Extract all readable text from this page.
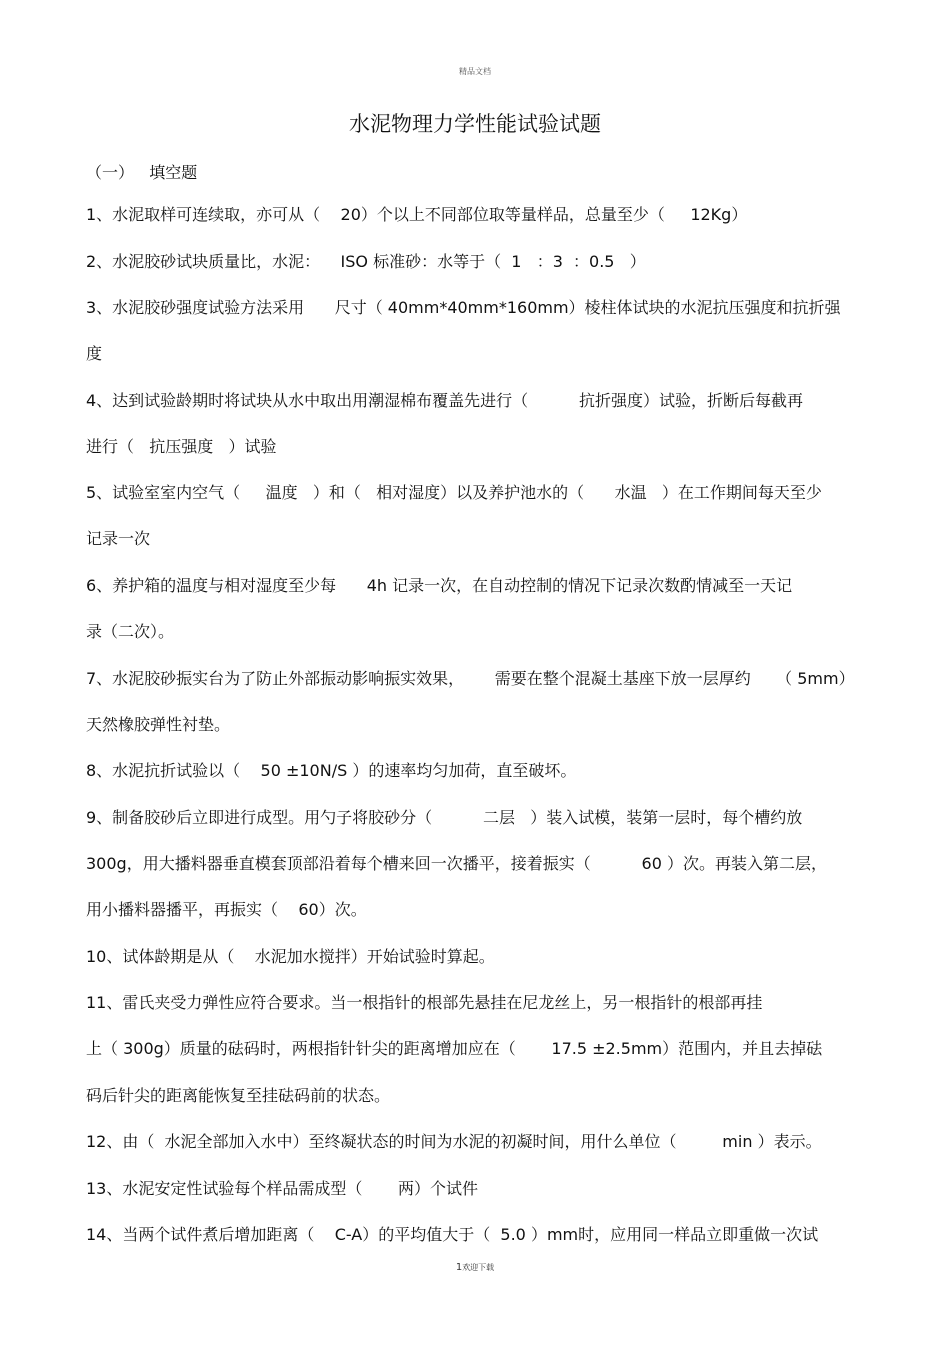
精品文档
水泥物理力学性能试验试题
（一）   填空题
1、水泥取样可连续取，亦可从（    20）个以上不同部位取等量样品，总量至少（     12Kg）
2、水泥胶砂试块质量比，水泥：    ISO 标准砂：水等于（  1   ：3  ：0.5   ）
3、水泥胶砂强度试验方法采用      尺寸（ 40mm*40mm*160mm）棱柱体试块的水泥抗压强度和抗折强
度
4、达到试验龄期时将试块从水中取出用潮湿棉布覆盖先进行（          抗折强度）试验，折断后每截再
进行（   抗压强度   ）试验
5、试验室室内空气（     温度   ）和（   相对湿度）以及养护池水的（      水温   ）在工作期间每天至少
记录一次
6、养护箱的温度与相对湿度至少每      4h 记录一次，在自动控制的情况下记录次数酌情减至一天记
录（二次）。
7、水泥胶砂振实台为了防止外部振动影响振实效果，      需要在整个混凝土基座下放一层厚约     （ 5mm）
天然橡胶弹性衬垫。
8、水泥抗折试验以（    50 ±10N/S ）的速率均匀加荷，直至破坏。
9、制备胶砂后立即进行成型。用勺子将胶砂分（          二层   ）装入试模，装第一层时，每个槽约放
300g，用大播料器垂直模套顶部沿着每个槽来回一次播平，接着振实（          60 ）次。再装入第二层，
用小播料器播平，再振实（    60）次。
10、试体龄期是从（    水泥加水搅拌）开始试验时算起。
11、雷氏夹受力弹性应符合要求。当一根指针的根部先悬挂在尼龙丝上，另一根指针的根部再挂
上（ 300g）质量的砝码时，两根指针针尖的距离增加应在（       17.5 ±2.5mm）范围内，并且去掉砝
码后针尖的距离能恢复至挂砝码前的状态。
12、由（  水泥全部加入水中）至终凝状态的时间为水泥的初凝时间，用什么单位（         min ）表示。
13、水泥安定性试验每个样品需成型（       两）个试件
14、当两个试件煮后增加距离（    C-A）的平均值大于（  5.0 ）mm时，应用同一样品立即重做一次试
1欢迎下载
